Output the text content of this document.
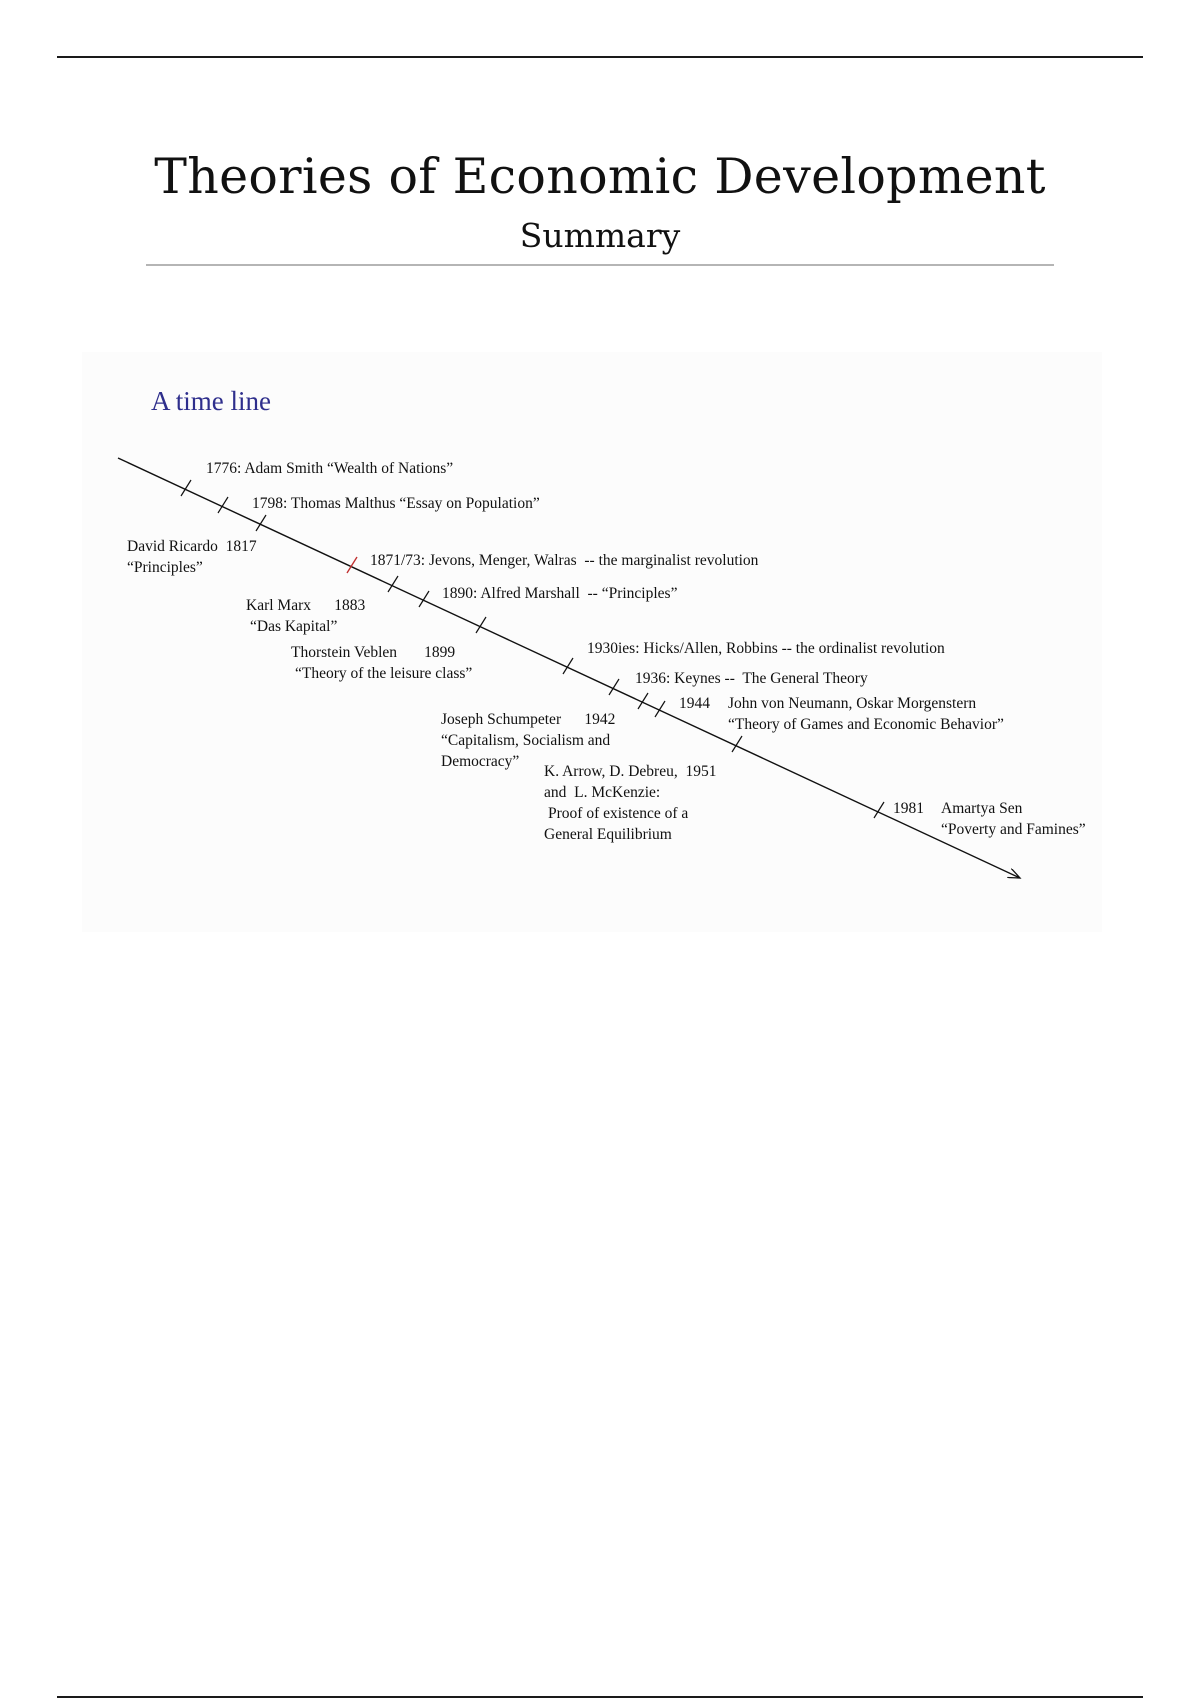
Theories of Economic Development
Summary
A time line
1776: Adam Smith “Wealth of Nations”
1798: Thomas Malthus “Essay on Population”
David Ricardo  1817
“Principles”	1871/73: Jevons, Menger, Walras  -- the marginalist revolution
1890: Alfred Marshall  -- “Principles”
Karl Marx      1883
“Das Kapital”
Thorstein Veblen       1899
“Theory of the leisure class”
1930ies: Hicks/Allen, Robbins -- the ordinalist revolution
1936: Keynes --  The General Theory
1944 John von Neumann, Oskar Morgenstern
“Theory of Games and Economic Behavior”
Joseph Schumpeter      1942
“Capitalism, Socialism and
Democracy”
K. Arrow, D. Debreu,  1951
and  L. McKenzie:
Proof of existence of a
General Equilibrium
1981 Amartya Sen
“Poverty and Famines”
